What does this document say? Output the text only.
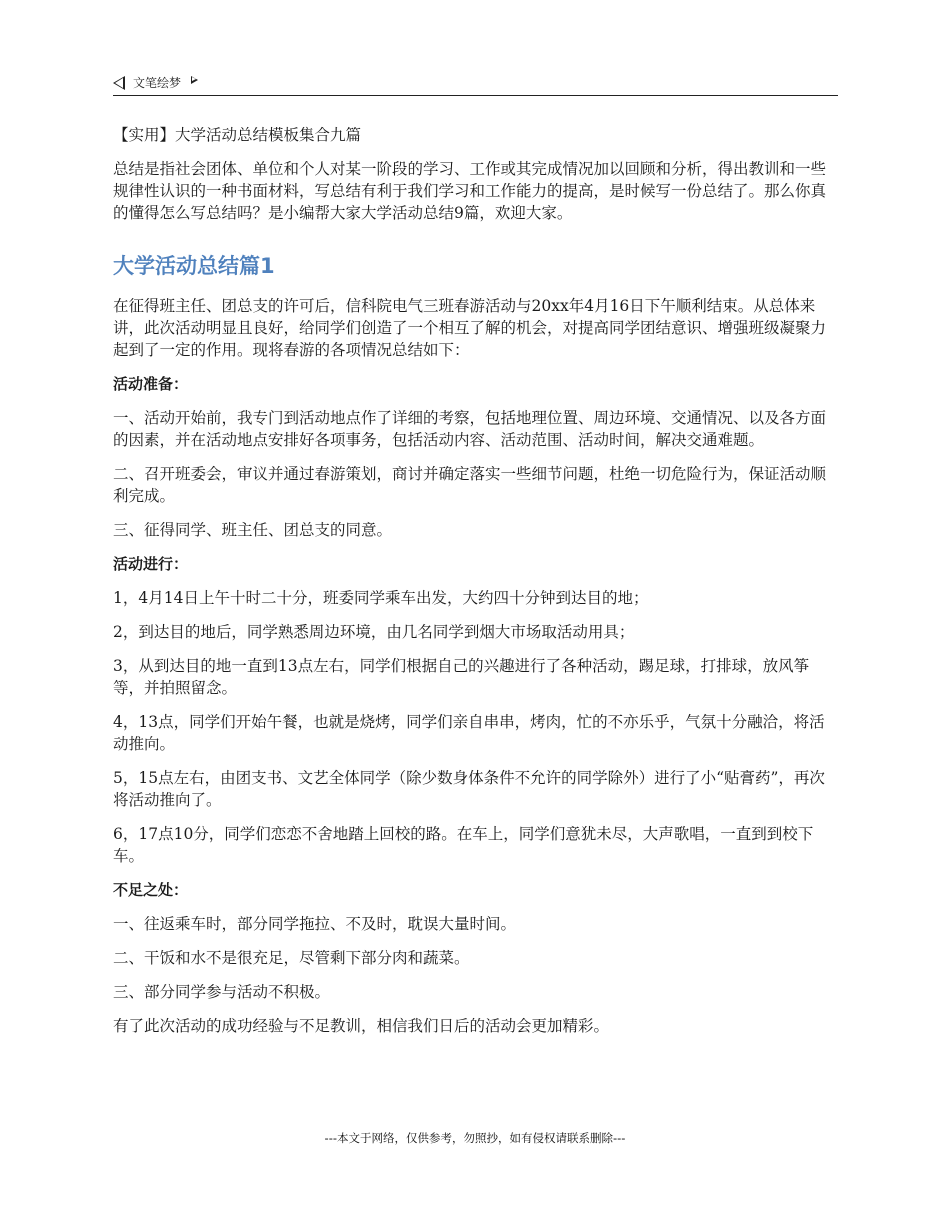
文笔绘梦

【实用】大学活动总结模板集合九篇

总结是指社会团体、单位和个人对某一阶段的学习、工作或其完成情况加以回顾和分析，得出教训和一些规律性认识的一种书面材料，写总结有利于我们学习和工作能力的提高，是时候写一份总结了。那么你真的懂得怎么写总结吗？是小编帮大家大学活动总结9篇，欢迎大家。

大学活动总结篇1

在征得班主任、团总支的许可后，信科院电气三班春游活动与20xx年4月16日下午顺利结束。从总体来讲，此次活动明显且良好，给同学们创造了一个相互了解的机会，对提高同学团结意识、增强班级凝聚力起到了一定的作用。现将春游的各项情况总结如下：

活动准备：

一、活动开始前，我专门到活动地点作了详细的考察，包括地理位置、周边环境、交通情况、以及各方面的因素，并在活动地点安排好各项事务，包括活动内容、活动范围、活动时间，解决交通难题。

二、召开班委会，审议并通过春游策划，商讨并确定落实一些细节问题，杜绝一切危险行为，保证活动顺利完成。

三、征得同学、班主任、团总支的同意。

活动进行：

1，4月14日上午十时二十分，班委同学乘车出发，大约四十分钟到达目的地；

2，到达目的地后，同学熟悉周边环境，由几名同学到烟大市场取活动用具；

3，从到达目的地一直到13点左右，同学们根据自己的兴趣进行了各种活动，踢足球，打排球，放风筝等，并拍照留念。

4，13点，同学们开始午餐，也就是烧烤，同学们亲自串串，烤肉，忙的不亦乐乎，气氛十分融洽，将活动推向。

5，15点左右，由团支书、文艺全体同学（除少数身体条件不允许的同学除外）进行了小“贴膏药”，再次将活动推向了。

6，17点10分，同学们恋恋不舍地踏上回校的路。在车上，同学们意犹未尽，大声歌唱，一直到到校下车。

不足之处：

一、往返乘车时，部分同学拖拉、不及时，耽误大量时间。

二、干饭和水不是很充足，尽管剩下部分肉和蔬菜。

三、部分同学参与活动不积极。

有了此次活动的成功经验与不足教训，相信我们日后的活动会更加精彩。

---本文于网络，仅供参考，勿照抄，如有侵权请联系删除---
